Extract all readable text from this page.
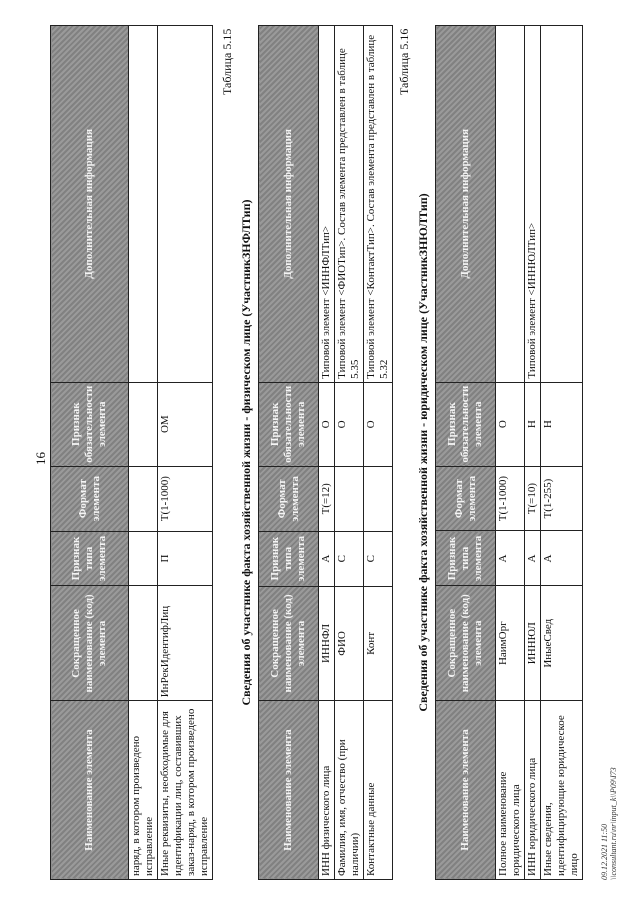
16
Наименование элемента	Сокращенное наименование (код) элемента	Признак типа элемента	Формат элемента	Признак обязательности элемента	Дополнительная информация
наряд, в котором произведено исправление					
Иные реквизиты, необходимые для идентификации лиц, составивших заказ-наряд, в котором произведено исправление	ИнРекИдентифЛиц	П	Т(1-1000)	ОМ	
Таблица 5.15
Сведения об участнике факта хозяйственной жизни - физическом лице (УчастникЗНФЛТип)
Наименование элемента	Сокращенное наименование (код) элемента	Признак типа элемента	Формат элемента	Признак обязательности элемента	Дополнительная информация
ИНН физического лица	ИННФЛ	А	Т(=12)	О	Типовой элемент <ИННФЛТип>
Фамилия, имя, отчество (при наличии)	ФИО	С		О	Типовой элемент <ФИОТип>. Состав элемента представлен в таблице 5.35
Контактные данные	Конт	С		О	Типовой элемент <КонтактТип>. Состав элемента представлен в таблице 5.32
Таблица 5.16
Сведения об участнике факта хозяйственной жизни - юридическом лице (УчастникЗНЮЛТип)
Наименование элемента	Сокращенное наименование (код) элемента	Признак типа элемента	Формат элемента	Признак обязательности элемента	Дополнительная информация
Полное наименование юридического лица	НаимОрг	А	Т(1-1000)	О	
ИНН юридического лица	ИННЮЛ	А	Т(=10)	Н	Типовой элемент <ИННЮЛТип>
Иные сведения, идентифицирующие юридическое лицо	ИныеСвед	А	Т(1-255)	Н	
09.12.2021 11:50 \\consultant.ru\nr\input_k\\P09\I73
